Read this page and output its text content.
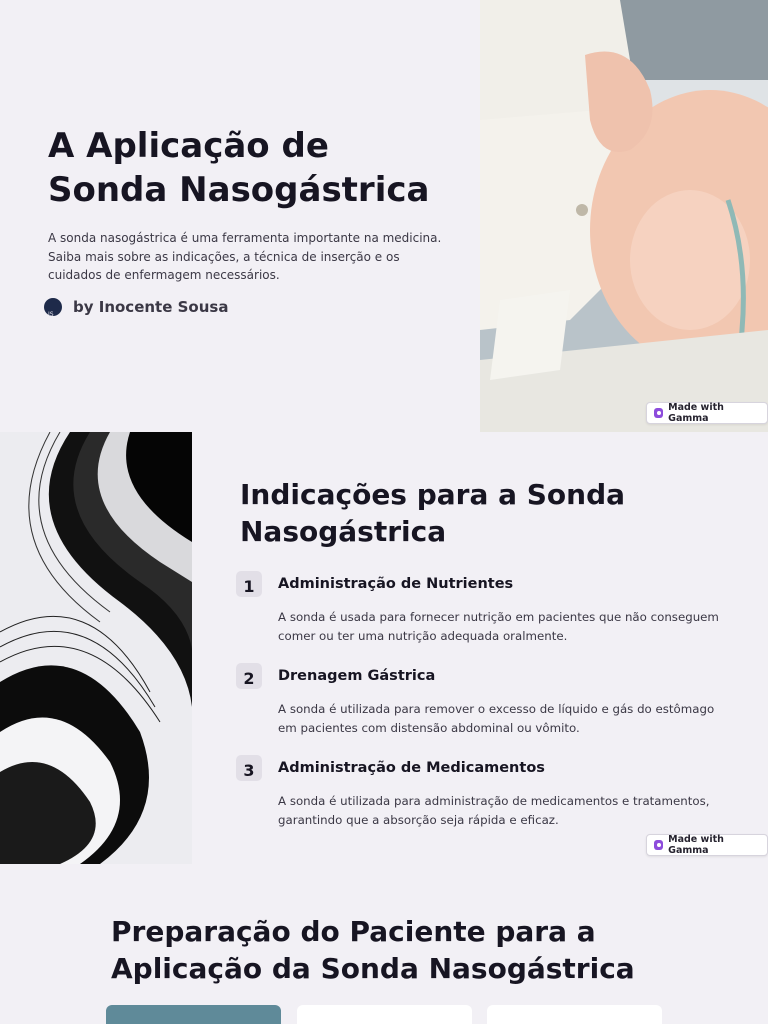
A Aplicação de Sonda Nasogástrica

A sonda nasogástrica é uma ferramenta importante na medicina. Saiba mais sobre as indicações, a técnica de inserção e os cuidados de enfermagem necessários.

IS by Inocente Sousa
Made with Gamma
Indicações para a Sonda Nasogástrica
1	Administração de Nutrientes
A sonda é usada para fornecer nutrição em pacientes que não conseguem comer ou ter uma nutrição adequada oralmente.
2	Drenagem Gástrica
A sonda é utilizada para remover o excesso de líquido e gás do estômago em pacientes com distensão abdominal ou vômito.
3	Administração de Medicamentos
A sonda é utilizada para administração de medicamentos e tratamentos, garantindo que a absorção seja rápida e eficaz.
Made with Gamma
Preparação do Paciente para a Aplicação da Sonda Nasogástrica
